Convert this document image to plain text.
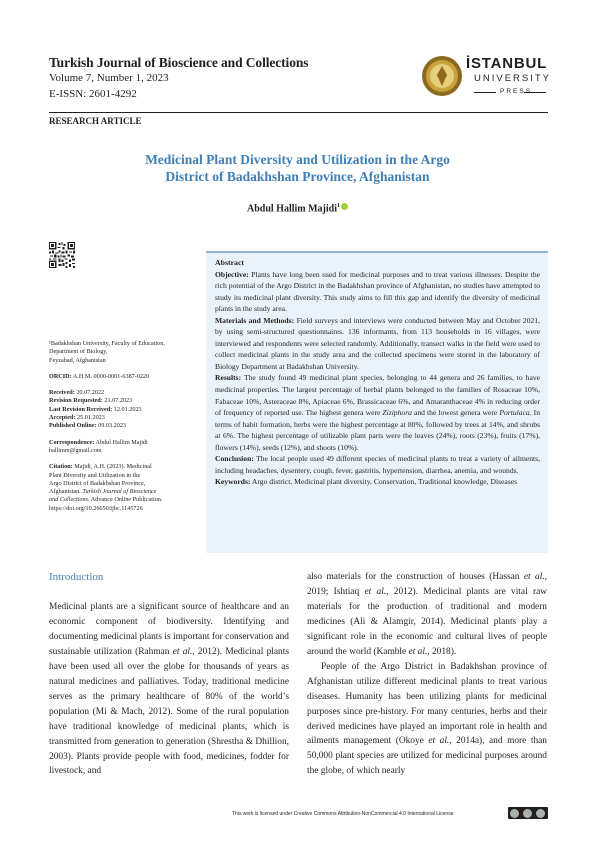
Turkish Journal of Bioscience and Collections
Volume 7, Number 1, 2023
E-ISSN: 2601-4292
İSTANBUL
UNIVERSITY
PRESS
RESEARCH ARTICLE
Medicinal Plant Diversity and Utilization in the Argo
District of Badakhshan Province, Afghanistan
Abdul Hallim Majidi$^1$
¹Badakhshan University, Faculty of Education,
Department of Biology,
Feyzabad, Afghanistan
ORCID: A.H.M. 0000-0001-6387-0220
Received: 20.07.2022
Revision Requested: 21.07.2023
Last Revision Received: 12.01.2023
Accepted: 25.01.2023
Published Online: 09.03.2023
Correspondence: Abdul Hallim Majidi
hallimm@gmail.com
Citation: Majidi, A.H. (2023). Medicinal
Plant Diversity and Utilization in the
Argo District of Badakhshan Province,
Afghanistan. Turkish Journal of Bioscience
and Collections. Advance Online Publication.
https://doi.org/10.26650/tjbc.1145726

Abstract

Objective: Plants have long been used for medicinal purposes and to treat various illnesses. Despite the rich potential of the Argo District in the Badakhshan province of Afghanistan, no studies have attempted to study its medicinal plant diversity. This study aims to fill this gap and identify the diversity of medicinal plants in the study area.

Materials and Methods: Field surveys and interviews were conducted between May and October 2021, by using semi-structured questionnaires. 136 informants, from 113 households in 16 villages, were interviewed and respondents were selected randomly. Additionally, transect walks in the field were used to collect medicinal plants in the study area and the collected specimens were stored in the laboratory of Biology Department at Badakhshan University.

Results: The study found 49 medicinal plant species, belonging to 44 genera and 26 families, to have medicinal properties. The largest percentage of herbal plants belonged to the families of Rosaceae 10%, Fabaceae 10%, Asteraceae 8%, Apiaceae 6%, Brassicaceae 6%, and Amaranthaceae 4% in reducing order of frequency of reported use. The highest genera were Ziziphora and the lowest genera were Portulaca. In terms of habit formation, herbs were the highest percentage at 80%, followed by trees at 14%, and shrubs at 6%. The highest percentage of utilizable plant parts were the leaves (24%), roots (23%), fruits (17%), flowers (14%), seeds (12%), and shoots (10%).

Conclusion: The local people used 49 different species of medicinal plants to treat a variety of ailments, including headaches, dysentery, cough, fever, gastritis, hypertension, diarrhea, anemia, and wounds.

Keywords: Argo district, Medicinal plant diversity, Conservation, Traditional knowledge, Diseases

Introduction

Medicinal plants are a significant source of healthcare and an economic component of biodiversity. Identifying and documenting medicinal plants is important for conservation and sustainable utilization (Rahman et al., 2012). Medicinal plants have been used all over the globe for thousands of years as natural medicines and palliatives. Today, traditional medicine serves as the primary healthcare of 80% of the world’s population (Mi & Mach, 2012). Some of the rural population have traditional knowledge of medicinal plants, which is transmitted from generation to generation (Shrestha & Dhillion, 2003). Plants provide people with food, medicines, fodder for livestock, and

also materials for the construction of houses (Hassan et al., 2019; Ishtiaq et al., 2012). Medicinal plants are vital raw materials for the production of traditional and modern medicines (Ali & Alamgir, 2014). Medicinal plants play a significant role in the economic and cultural lives of people around the world (Kamble et al., 2018).

People of the Argo District in Badakhshan province of Afghanistan utilize different medicinal plants to treat various diseases. Humanity has been utilizing plants for medicinal purposes since pre-history. For many centuries, herbs and their derived medicines have played an important role in health and ailments management (Okoye et al., 2014a), and more than 50,000 plant species are utilized for medicinal purposes around the globe, of which nearly

This work is licensed under Creative Commons Attribution-NonCommercial 4.0 International License
